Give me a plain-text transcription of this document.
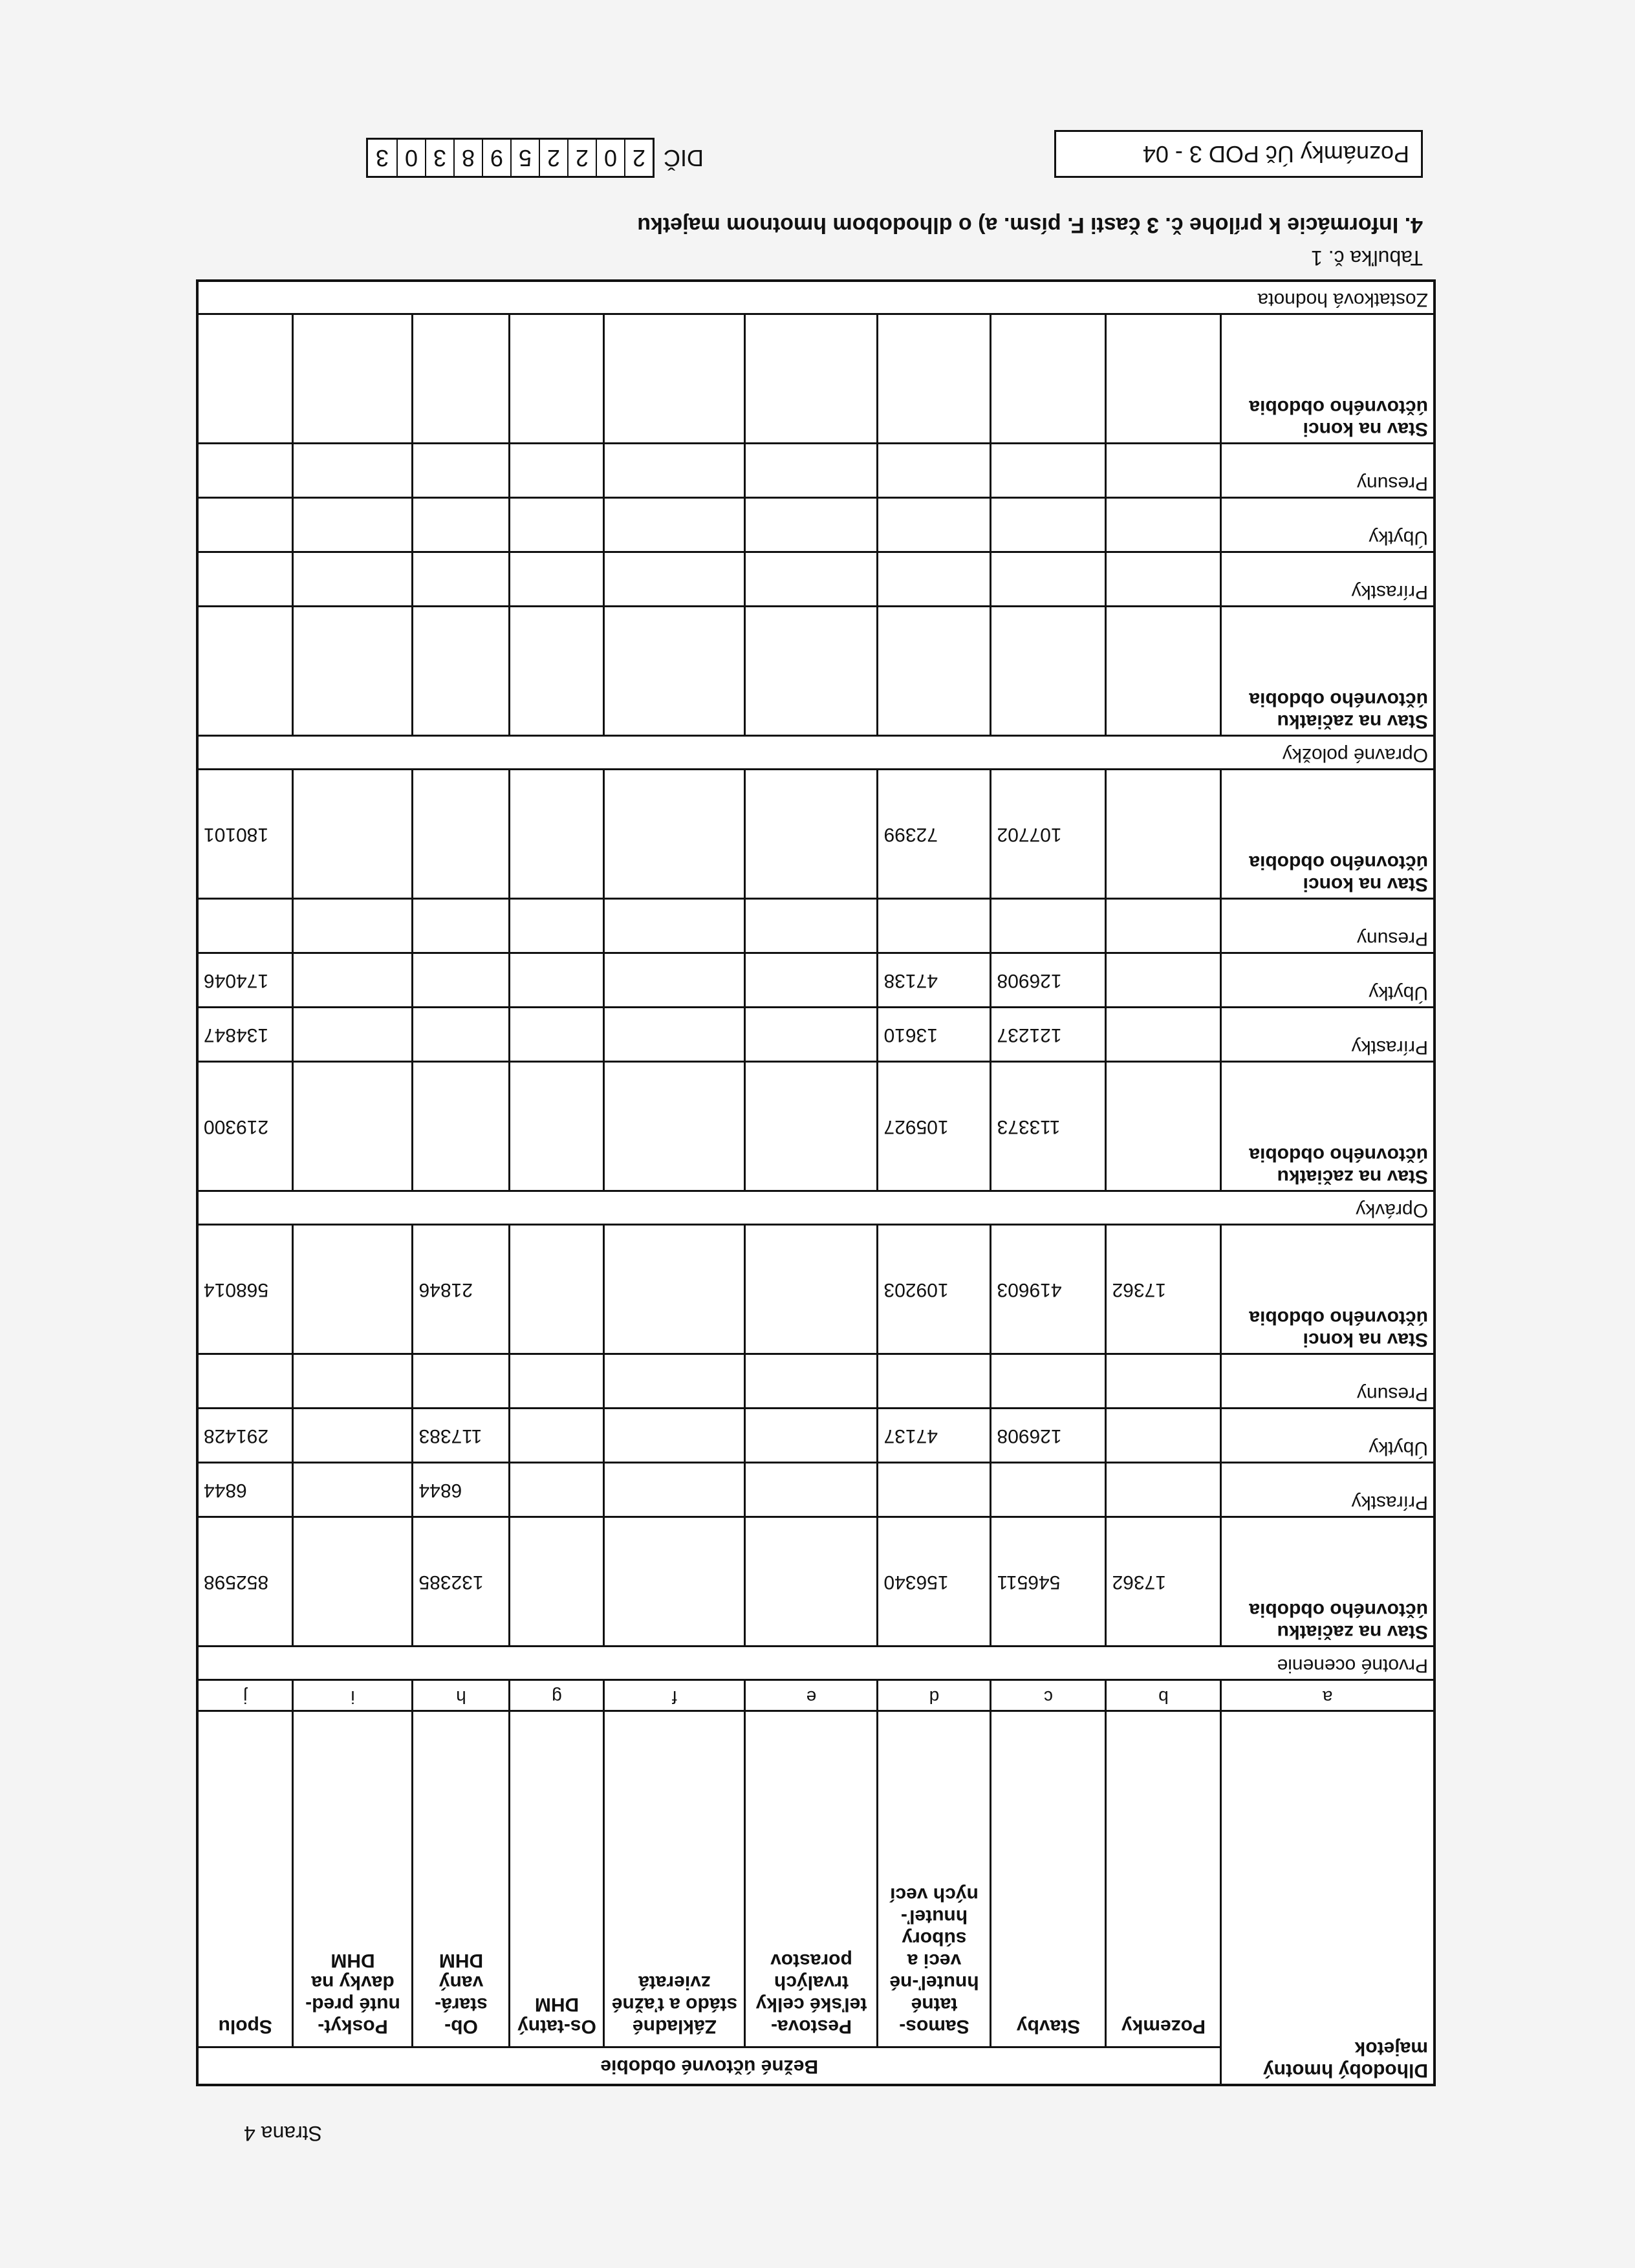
Poznámky Úč POD 3 - 04
DIČ
2
0
2
2
5
9
8
3
0
3
4. Informácie k prílohe č. 3 časti F. písm. a) o dlhodobom hmotnom majetku
Tabuľka č. 1
Dlhodobý hmotný majetok	Bežné účtovné obdobie								
	Pozemky	Stavby	Samos-tatné hnuteľ-né veci a súbory hnuteľ-ných vecí	Pestova-teľské celky trvalých porastov	Základné stádo a ťažné zvieratá	Os-tatný DHM	Ob-stará-vaný DHM	Poskyt-nuté pred-davky na DHM	Spolu
a	b	c	d	e	f	g	h	i	j
Prvotné ocenenie									
Stav na začiatku účtovného obdobia	17362	546511	156340				132385		852598
Prírastky							6844		6844
Úbytky		126908	47137				117383		291428
Presuny									
Stav na konci účtovného obdobia	17362	419603	109203				21846		568014
Oprávky									
Stav na začiatku účtovného obdobia		113373	105927						219300
Prírastky		121237	13610						134847
Úbytky		126908	47138						174046
Presuny									
Stav na konci účtovného obdobia		107702	72399						180101
Opravné položky									
Stav na začiatku účtovného obdobia									
Prírastky									
Úbytky									
Presuny									
Stav na konci účtovného obdobia									
Zostatková hodnota									
Strana 4
